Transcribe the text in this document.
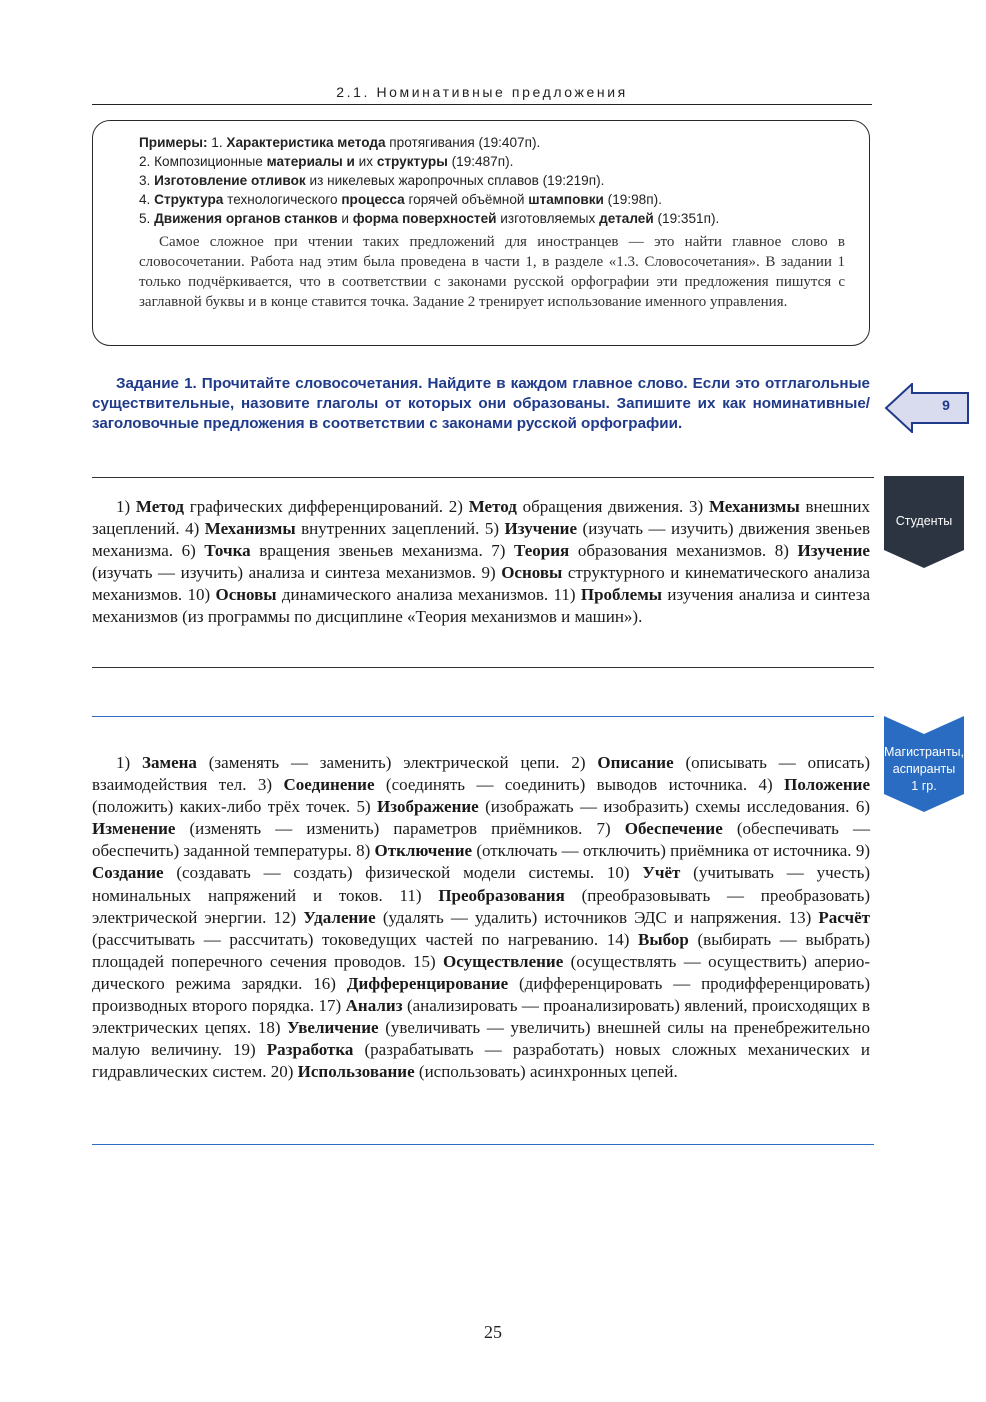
2.1. Номинативные предложения

Примеры: 1. Характеристика метода протягивания (19:407п).

2. Композиционные материалы и их структуры (19:487п).

3. Изготовление отливок из никелевых жаропрочных сплавов (19:219п).

4. Структура технологического процесса горячей объёмной штамповки (19:98п).

5. Движения органов станков и форма поверхностей изготовляемых деталей (19:351п).

Самое сложное при чтении таких предложений для иностранцев — это найти главное слово в словосочетании. Работа над этим была проведена в части 1, в разделе «1.3. Словосочетания». В задании 1 только подчёркивается, что в соответствии с законами русской орфографии эти предложения пишутся с заглавной буквы и в конце ставится точка. Задание 2 тренирует использование именного управления.

Задание 1. Прочитайте словосочетания. Найдите в каждом главное слово. Если это отглагольные существительные, назовите глаголы от которых они образованы. Запишите их как номинативные/заголовочные предложения в соответствии с законами русской орфографии.
9
Студенты
1) Метод графических дифференцирований. 2) Метод обращения движения. 3) Механизмы внешних зацеплений. 4) Механизмы внутренних зацеплений. 5) Изучение (изучать — изучить) движения звеньев механизма. 6) Точка вращения звеньев механизма. 7) Теория образования механизмов. 8) Изучение (изучать — изучить) анализа и синтеза механизмов. 9) Основы структурного и кинематического анализа механизмов. 10) Основы динамического анализа механизмов. 11) Проблемы изучения анализа и синтеза механизмов (из программы по дисциплине «Теория механизмов и машин»).
Магистранты,
аспиранты
1 гр.
1) Замена (заменять — заменить) электрической цепи. 2) Описание (описывать — описать) взаимодействия тел. 3) Соединение (соединять — соединить) выводов источника. 4) Положение (положить) каких-либо трёх точек. 5) Изображение (изображать — изобразить) схемы исследования. 6) Изменение (изменять — изменить) параметров приёмников. 7) Обеспечение (обеспечивать — обеспечить) заданной температуры. 8) Отключение (отключать — отключить) приёмника от источника. 9) Создание (создавать — создать) физической модели системы. 10) Учёт (учитывать — учесть) номинальных напряжений и токов. 11) Преобразования (преобразовывать — преобразовать) электрической энергии. 12) Удаление (удалять — удалить) источников ЭДС и напряжения. 13) Расчёт (рассчитывать — рассчитать) токоведущих частей по нагреванию. 14) Выбор (выбирать — выбрать) площадей поперечного сечения проводов. 15) Осуществление (осуществлять — осуществить) апериодического режима зарядки. 16) Дифференцирование (дифференцировать — продифференцировать) производных второго порядка. 17) Анализ (анализировать — проанализировать) явлений, происходящих в электрических цепях. 18) Увеличение (увеличивать — увеличить) внешней силы на пренебрежительно малую величину. 19) Разработка (разрабатывать — разработать) новых сложных механических и гидравлических систем. 20) Использование (использовать) асинхронных цепей.
25
